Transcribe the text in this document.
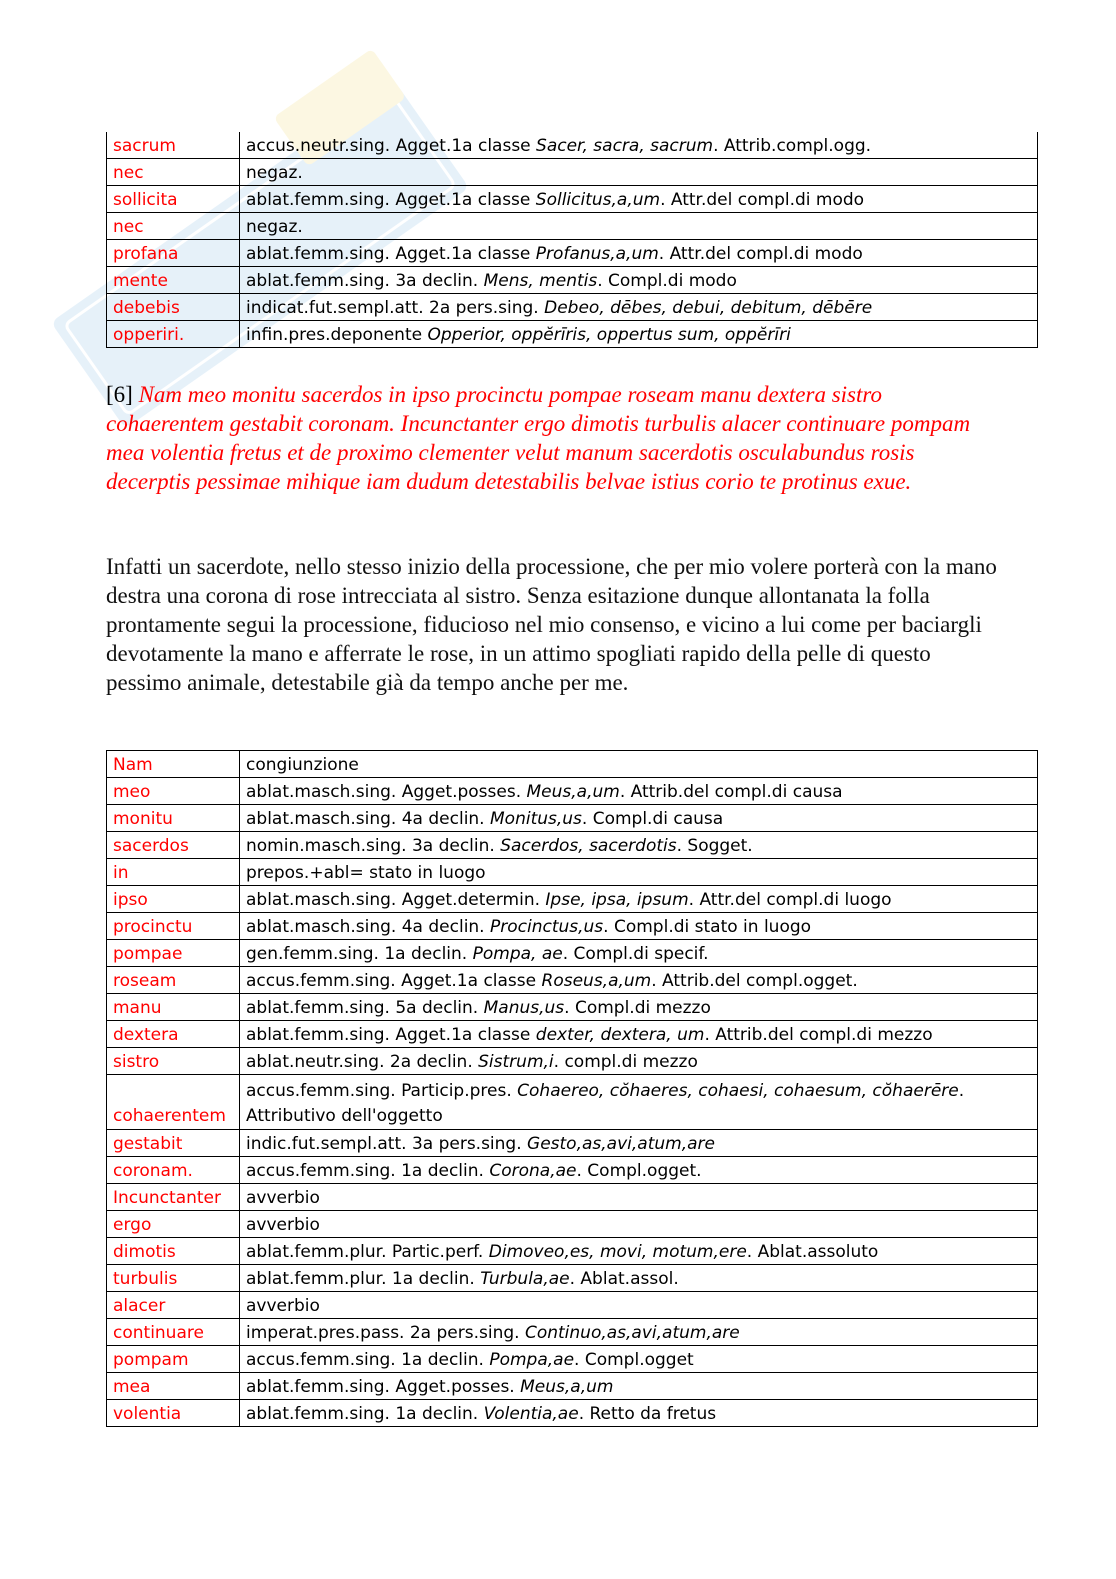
sacrum	accus.neutr.sing. Agget.1a classe Sacer, sacra, sacrum. Attrib.compl.ogg.
nec	negaz.
sollicita	ablat.femm.sing. Agget.1a classe Sollicitus,a,um. Attr.del compl.di modo
nec	negaz.
profana	ablat.femm.sing. Agget.1a classe Profanus,a,um. Attr.del compl.di modo
mente	ablat.femm.sing. 3a declin. Mens, mentis. Compl.di modo
debebis	indicat.fut.sempl.att. 2a pers.sing. Debeo, dēbes, debui, debitum, dēbēre
opperiri.	infin.pres.deponente Opperior, oppĕrīris, oppertus sum, oppĕrīri

[6] Nam meo monitu sacerdos in ipso procinctu pompae roseam manu dextera sistro cohaerentem gestabit coronam. Incunctanter ergo dimotis turbulis alacer continuare pompam mea volentia fretus et de proximo clementer velut manum sacerdotis osculabundus rosis decerptis pessimae mihique iam dudum detestabilis belvae istius corio te protinus exue.

Infatti un sacerdote, nello stesso inizio della processione, che per mio volere porterà con la mano destra una corona di rose intrecciata al sistro. Senza esitazione dunque allontanata la folla prontamente segui la processione, fiducioso nel mio consenso, e vicino a lui come per baciargli devotamente la mano e afferrate le rose, in un attimo spogliati rapido della pelle di questo pessimo animale, detestabile già da tempo anche per me.

Nam	congiunzione
meo	ablat.masch.sing. Agget.posses. Meus,a,um. Attrib.del compl.di causa
monitu	ablat.masch.sing. 4a declin. Monitus,us. Compl.di causa
sacerdos	nomin.masch.sing. 3a declin. Sacerdos, sacerdotis. Sogget.
in	prepos.+abl= stato in luogo
ipso	ablat.masch.sing. Agget.determin. Ipse, ipsa, ipsum. Attr.del compl.di luogo
procinctu	ablat.masch.sing. 4a declin. Procinctus,us. Compl.di stato in luogo
pompae	gen.femm.sing. 1a declin. Pompa, ae. Compl.di specif.
roseam	accus.femm.sing. Agget.1a classe Roseus,a,um. Attrib.del compl.ogget.
manu	ablat.femm.sing. 5a declin. Manus,us. Compl.di mezzo
dextera	ablat.femm.sing. Agget.1a classe dexter, dextera, um. Attrib.del compl.di mezzo
sistro	ablat.neutr.sing. 2a declin. Sistrum,i. compl.di mezzo
cohaerentem	accus.femm.sing. Particip.pres. Cohaereo, cŏhaeres, cohaesi, cohaesum, cŏhaerēre.
Attributivo dell'oggetto
gestabit	indic.fut.sempl.att. 3a pers.sing. Gesto,as,avi,atum,are
coronam.	accus.femm.sing. 1a declin. Corona,ae. Compl.ogget.
Incunctanter	avverbio
ergo	avverbio
dimotis	ablat.femm.plur. Partic.perf. Dimoveo,es, movi, motum,ere. Ablat.assoluto
turbulis	ablat.femm.plur. 1a declin. Turbula,ae. Ablat.assol.
alacer	avverbio
continuare	imperat.pres.pass. 2a pers.sing. Continuo,as,avi,atum,are
pompam	accus.femm.sing. 1a declin. Pompa,ae. Compl.ogget
mea	ablat.femm.sing. Agget.posses. Meus,a,um
volentia	ablat.femm.sing. 1a declin. Volentia,ae. Retto da fretus
